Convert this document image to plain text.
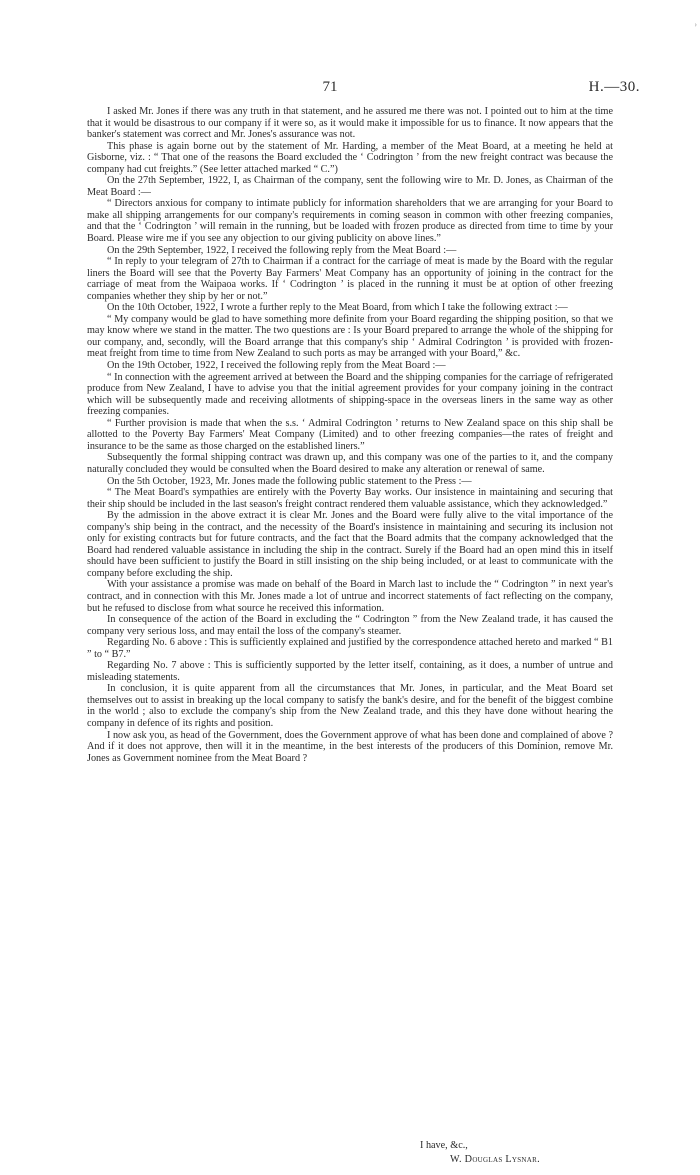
›
71	H.—30.

I asked Mr. Jones if there was any truth in that statement, and he assured me there was not. I pointed out to him at the time that it would be disastrous to our company if it were so, as it would make it impossible for us to finance. It now appears that the banker's statement was correct and Mr. Jones's assurance was not.

This phase is again borne out by the statement of Mr. Harding, a member of the Meat Board, at a meeting he held at Gisborne, viz. : “ That one of the reasons the Board excluded the ‘ Codrington ’ from the new freight contract was because the company had cut freights.” (See letter attached marked “ C.”)

On the 27th September, 1922, I, as Chairman of the company, sent the following wire to Mr. D. Jones, as Chairman of the Meat Board :—

“ Directors anxious for company to intimate publicly for information shareholders that we are arranging for your Board to make all shipping arrangements for our company's requirements in coming season in common with other freezing companies, and that the ‘ Codrington ’ will remain in the running, but be loaded with frozen produce as directed from time to time by your Board. Please wire me if you see any objection to our giving publicity on above lines.”

On the 29th September, 1922, I received the following reply from the Meat Board :—

“ In reply to your telegram of 27th to Chairman if a contract for the carriage of meat is made by the Board with the regular liners the Board will see that the Poverty Bay Farmers' Meat Company has an opportunity of joining in the contract for the carriage of meat from the Waipaoa works. If ‘ Codrington ’ is placed in the running it must be at option of other freezing companies whether they ship by her or not.”

On the 10th October, 1922, I wrote a further reply to the Meat Board, from which I take the following extract :—

“ My company would be glad to have something more definite from your Board regarding the shipping position, so that we may know where we stand in the matter. The two questions are : Is your Board prepared to arrange the whole of the shipping for our company, and, secondly, will the Board arrange that this company's ship ‘ Admiral Codrington ’ is provided with frozen-meat freight from time to time from New Zealand to such ports as may be arranged with your Board,” &c.

On the 19th October, 1922, I received the following reply from the Meat Board :—

“ In connection with the agreement arrived at between the Board and the shipping companies for the carriage of refrigerated produce from New Zealand, I have to advise you that the initial agreement provides for your company joining in the contract which will be subsequently made and receiving allotments of shipping-space in the overseas liners in the same way as other freezing companies.

“ Further provision is made that when the s.s. ‘ Admiral Codrington ’ returns to New Zealand space on this ship shall be allotted to the Poverty Bay Farmers' Meat Company (Limited) and to other freezing companies—the rates of freight and insurance to be the same as those charged on the established liners.”

Subsequently the formal shipping contract was drawn up, and this company was one of the parties to it, and the company naturally concluded they would be consulted when the Board desired to make any alteration or renewal of same.

On the 5th October, 1923, Mr. Jones made the following public statement to the Press :—

“ The Meat Board's sympathies are entirely with the Poverty Bay works. Our insistence in maintaining and securing that their ship should be included in the last season's freight contract rendered them valuable assistance, which they acknowledged.”

By the admission in the above extract it is clear Mr. Jones and the Board were fully alive to the vital importance of the company's ship being in the contract, and the necessity of the Board's insistence in maintaining and securing its inclusion not only for existing contracts but for future contracts, and the fact that the Board admits that the company acknowledged that the Board had rendered valuable assistance in including the ship in the contract. Surely if the Board had an open mind this in itself should have been sufficient to justify the Board in still insisting on the ship being included, or at least to communicate with the company before excluding the ship.

With your assistance a promise was made on behalf of the Board in March last to include the “ Codrington ” in next year's contract, and in connection with this Mr. Jones made a lot of untrue and incorrect statements of fact reflecting on the company, but he refused to disclose from what source he received this information.

In consequence of the action of the Board in excluding the “ Codrington ” from the New Zealand trade, it has caused the company very serious loss, and may entail the loss of the company's steamer.

Regarding No. 6 above : This is sufficiently explained and justified by the correspondence attached hereto and marked “ B1 ” to “ B7.”

Regarding No. 7 above : This is sufficiently supported by the letter itself, containing, as it does, a number of untrue and misleading statements.

In conclusion, it is quite apparent from all the circumstances that Mr. Jones, in particular, and the Meat Board set themselves out to assist in breaking up the local company to satisfy the bank's desire, and for the benefit of the biggest combine in the world ; also to exclude the company's ship from the New Zealand trade, and this they have done without hearing the company in defence of its rights and position.

I now ask you, as head of the Government, does the Government approve of what has been done and complained of above ? And if it does not approve, then will it in the meantime, in the best interests of the producers of this Dominion, remove Mr. Jones as Government nominee from the Meat Board ?

I have, &c.,
W. Douglas Lysnar.
